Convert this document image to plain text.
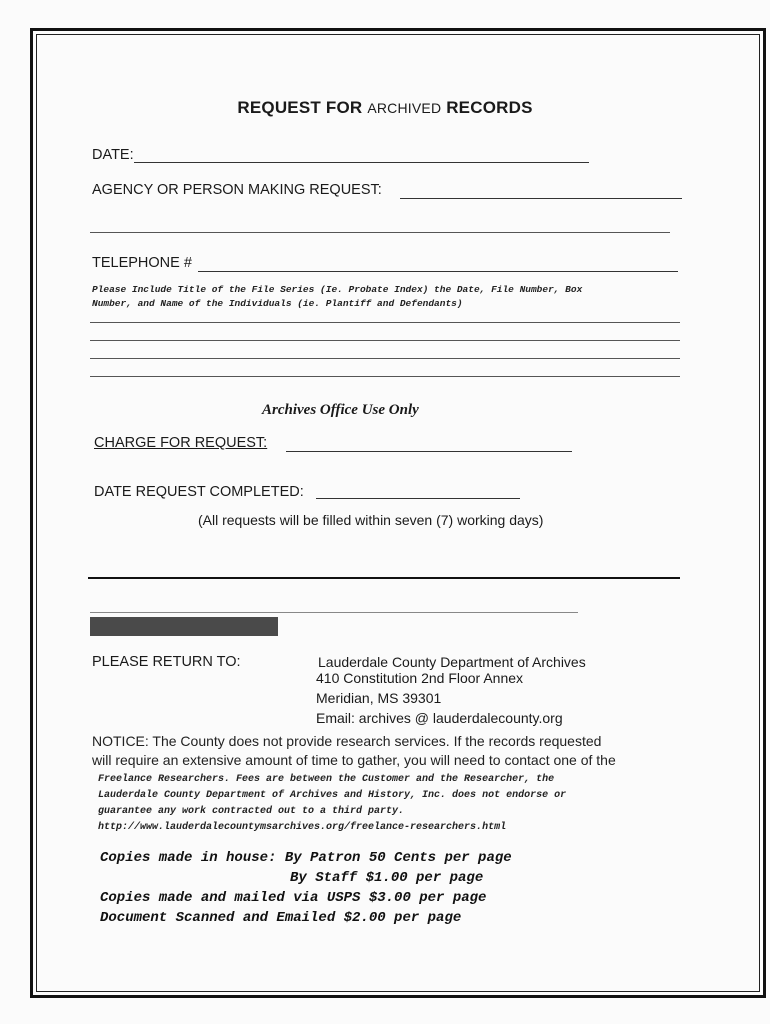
REQUEST FOR ARCHIVED RECORDS
DATE:
AGENCY OR PERSON MAKING REQUEST:
TELEPHONE #
Please Include Title of the File Series (Ie. Probate Index) the Date, File Number, Box
Number, and Name of the Individuals (ie. Plantiff and Defendants)
Archives Office Use Only
CHARGE FOR REQUEST:
DATE REQUEST COMPLETED:
(All requests will be filled within seven (7) working days)
PLEASE RETURN TO:	Lauderdale County Department of Archives
410 Constitution 2nd Floor Annex
Meridian, MS 39301
Email: archives @ lauderdalecounty.org
NOTICE: The County does not provide research services. If the records requested
will require an extensive amount of time to gather, you will need to contact one of the
Freelance Researchers. Fees are between the Customer and the Researcher, the
Lauderdale County Department of Archives and History, Inc. does not endorse or
guarantee any work contracted out to a third party.
http://www.lauderdalecountymsarchives.org/freelance-researchers.html
Copies made in house: By Patron 50 Cents per page
By Staff $1.00 per page
Copies made and mailed via USPS $3.00 per page
Document Scanned and Emailed $2.00 per page
